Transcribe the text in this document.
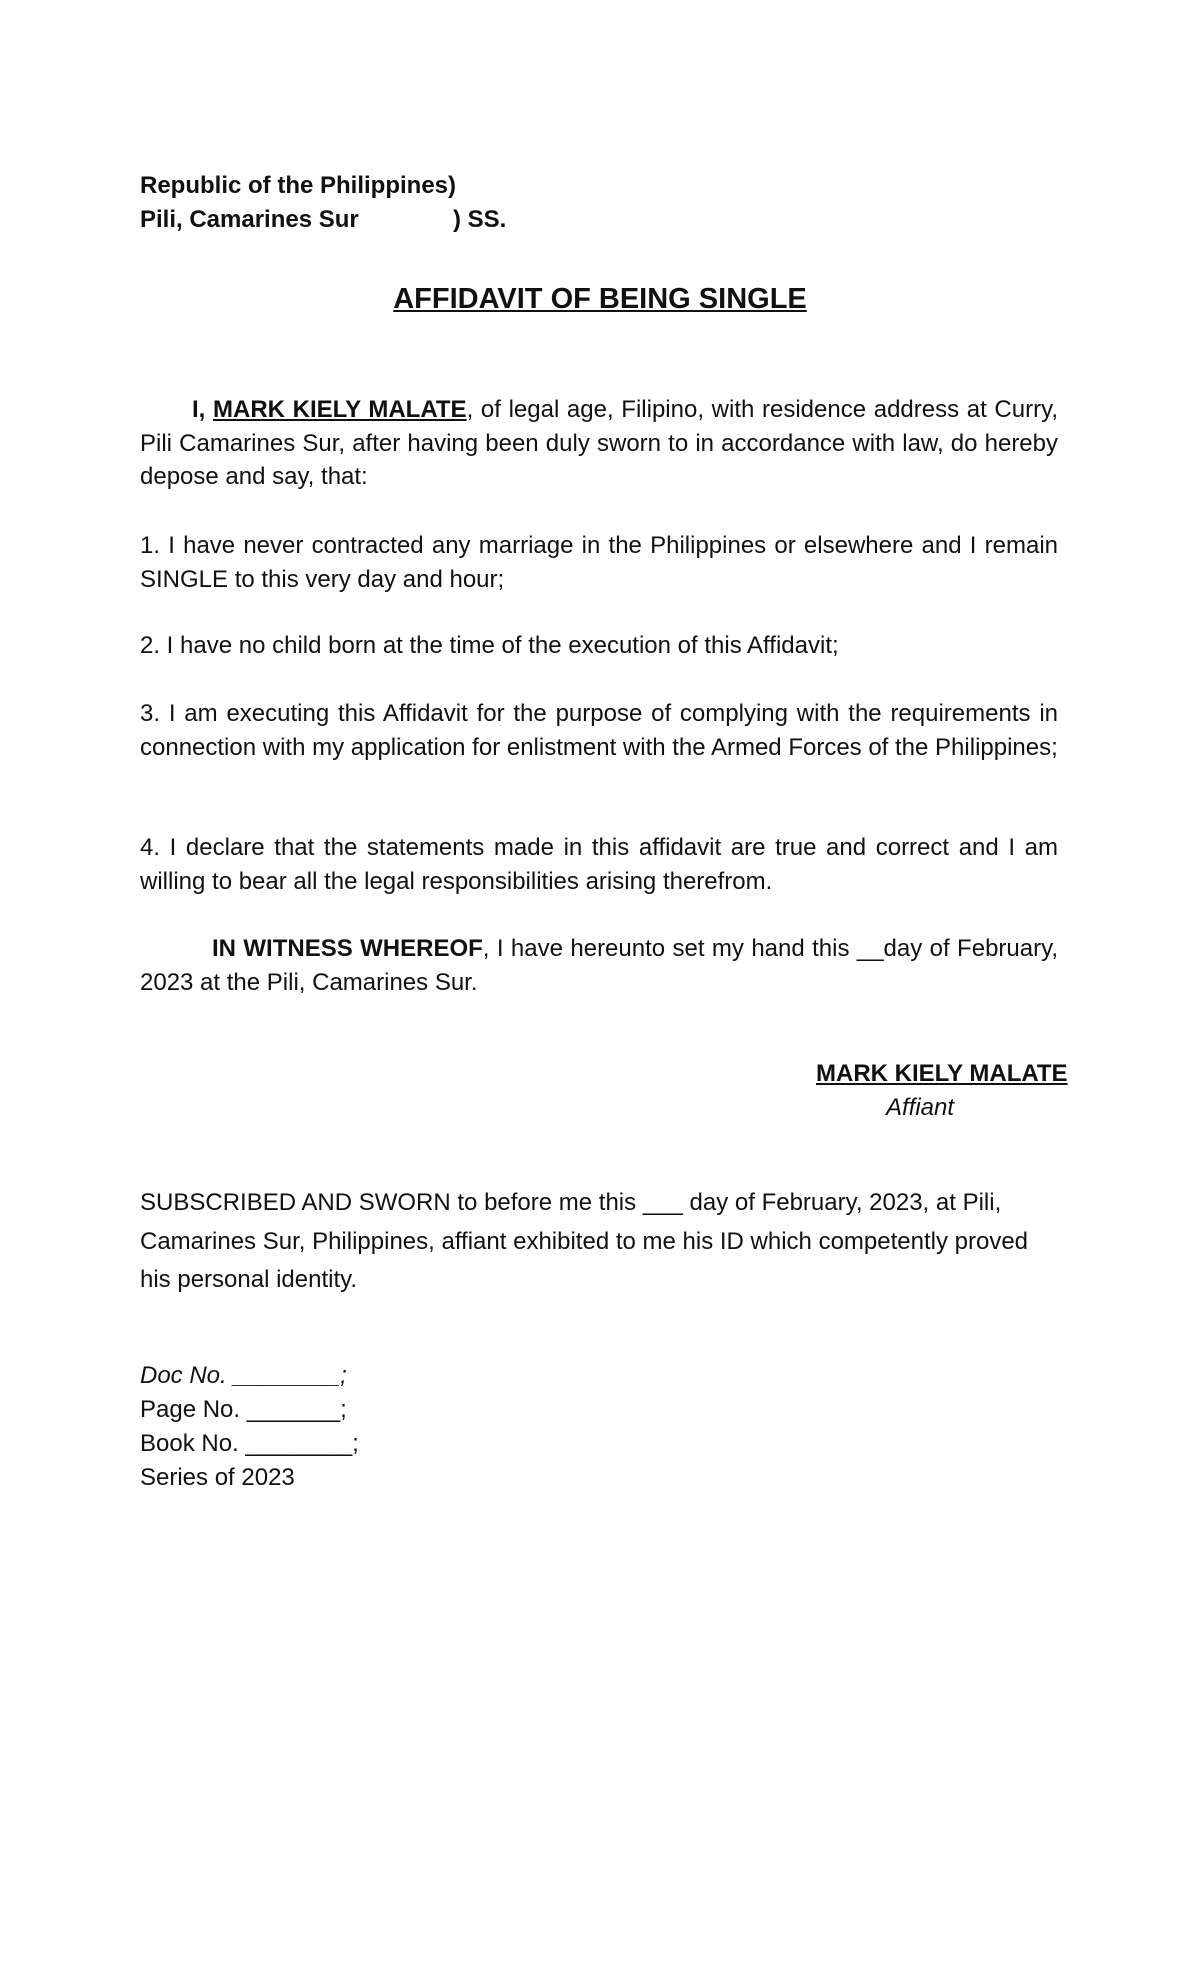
Republic of the Philippines)
Pili, Camarines Sur	) SS.
AFFIDAVIT OF BEING SINGLE
I, MARK KIELY MALATE, of legal age, Filipino, with residence address at Curry, Pili Camarines Sur, after having been duly sworn to in accordance with law, do hereby depose and say, that:
1. I have never contracted any marriage in the Philippines or elsewhere and I remain SINGLE to this very day and hour;
2. I have no child born at the time of the execution of this Affidavit;
3. I am executing this Affidavit for the purpose of complying with the requirements in connection with my application for enlistment with the Armed Forces of the Philippines;
4. I declare that the statements made in this affidavit are true and correct and I am willing to bear all the legal responsibilities arising therefrom.
IN WITNESS WHEREOF, I have hereunto set my hand this __day of February, 2023 at the Pili, Camarines Sur.
MARK KIELY MALATE
Affiant
SUBSCRIBED AND SWORN to before me this ___ day of February, 2023, at Pili, Camarines Sur, Philippines, affiant exhibited to me his ID which competently proved his personal identity.
Doc No. ________;
Page No. _______;
Book No. ________;
Series of 2023
